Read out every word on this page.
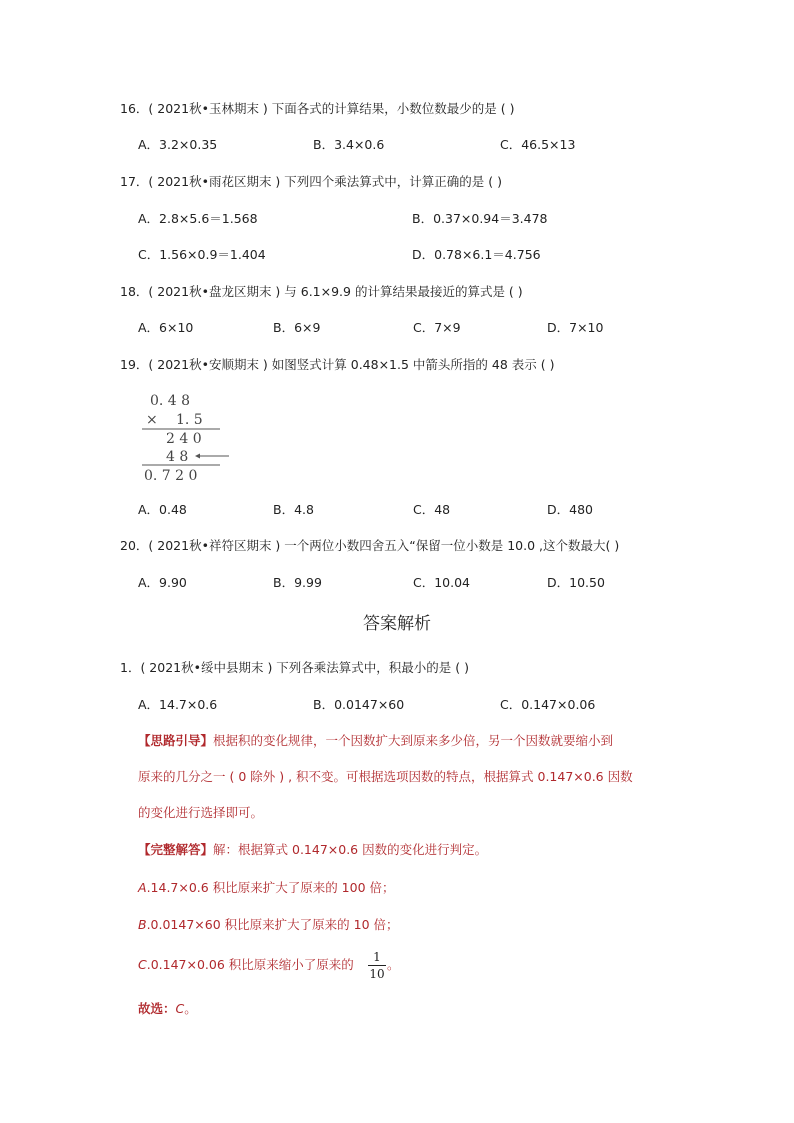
16．( 2021秋•玉林期末 ) 下面各式的计算结果，小数位数最少的是 ( )
A．3.2×0.35	B．3.4×0.6	C．46.5×13
17．( 2021秋•雨花区期末 ) 下列四个乘法算式中，计算正确的是 ( )
A．2.8×5.6＝1.568	B．0.37×0.94＝3.478
C．1.56×0.9＝1.404	D．0.78×6.1＝4.756
18．( 2021秋•盘龙区期末 ) 与 6.1×9.9 的计算结果最接近的算式是 ( )
A．6×10	B．6×9	C．7×9	D．7×10
19．( 2021秋•安顺期末 ) 如图竖式计算 0.48×1.5 中箭头所指的 48 表示 ( )
0. 4 8
× 1. 5
2 4 0
4 8
0. 7 2 0
A．0.48	B．4.8	C．48	D．480
20．( 2021秋•祥符区期末 ) 一个两位小数四舍五入“保留一位小数是 10.0 ,这个数最大( )
A．9.90	B．9.99	C．10.04	D．10.50
答案解析
1．( 2021秋•绥中县期末 ) 下列各乘法算式中，积最小的是 ( )
A．14.7×0.6	B．0.0147×60	C．0.147×0.06
【思路引导】根据积的变化规律，一个因数扩大到原来多少倍，另一个因数就要缩小到
原来的几分之一 ( 0 除外 ) , 积不变。可根据选项因数的特点，根据算式 0.147×0.6 因数
的变化进行选择即可。
【完整解答】解：根据算式 0.147×0.6 因数的变化进行判定。
A.14.7×0.6 积比原来扩大了原来的 100 倍；
B.0.0147×60 积比原来扩大了原来的 10 倍；
C.0.147×0.06 积比原来缩小了原来的 $\frac{1}{10}$ 。
故选：C。
